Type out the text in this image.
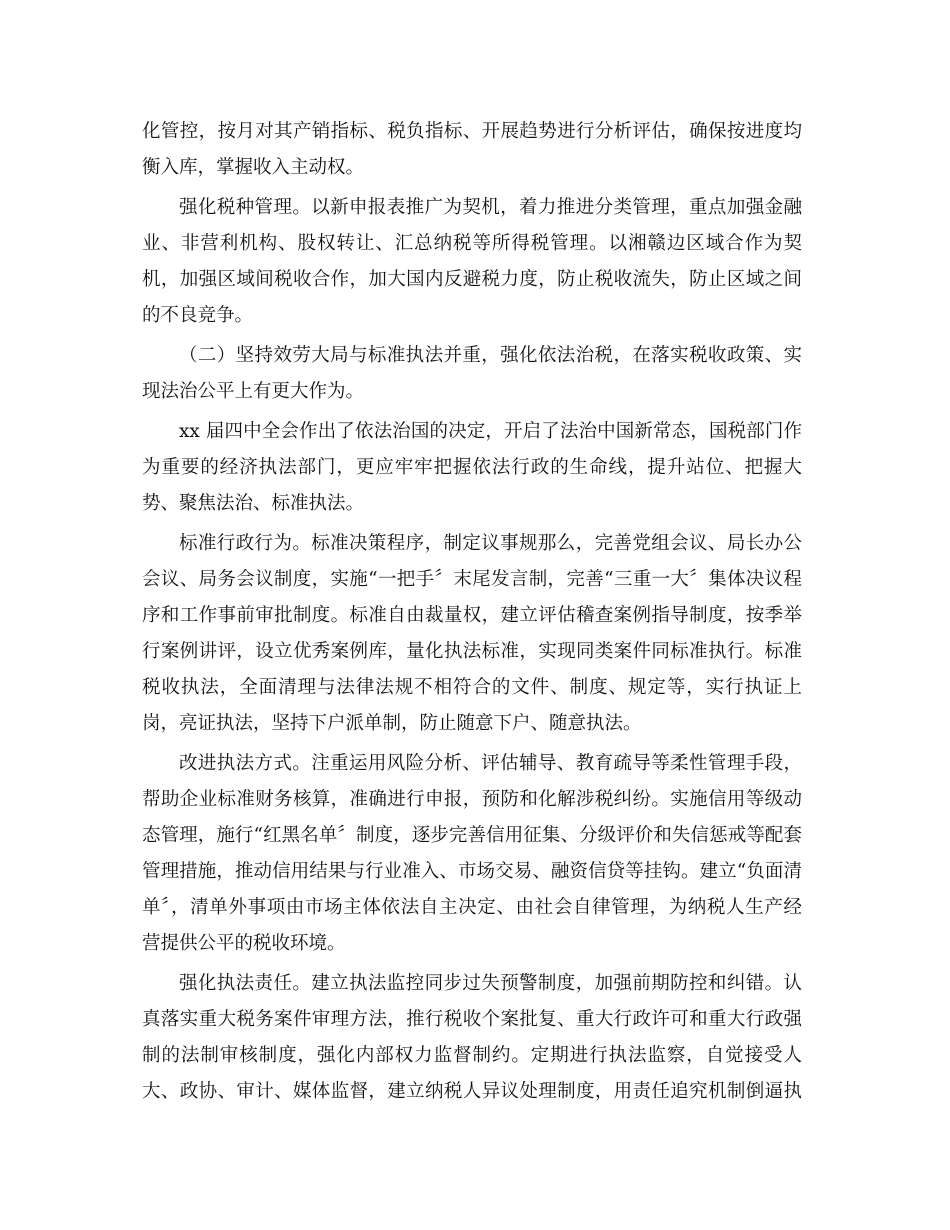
化管控，按月对其产销指标、税负指标、开展趋势进行分析评估，确保按进度均
衡入库，掌握收入主动权。
强化税种管理。以新申报表推广为契机，着力推进分类管理，重点加强金融
业、非营利机构、股权转让、汇总纳税等所得税管理。以湘赣边区域合作为契
机，加强区域间税收合作，加大国内反避税力度，防止税收流失，防止区域之间
的不良竞争。
（二）坚持效劳大局与标准执法并重，强化依法治税，在落实税收政策、实
现法治公平上有更大作为。
xx 届四中全会作出了依法治国的决定，开启了法治中国新常态，国税部门作
为重要的经济执法部门，更应牢牢把握依法行政的生命线，提升站位、把握大
势、聚焦法治、标准执法。
标准行政行为。标准决策程序，制定议事规那么，完善党组会议、局长办公
会议、局务会议制度，实施“一把手〞末尾发言制，完善“三重一大〞集体决议程
序和工作事前审批制度。标准自由裁量权，建立评估稽查案例指导制度，按季举
行案例讲评，设立优秀案例库，量化执法标准，实现同类案件同标准执行。标准
税收执法，全面清理与法律法规不相符合的文件、制度、规定等，实行执证上
岗，亮证执法，坚持下户派单制，防止随意下户、随意执法。
改进执法方式。注重运用风险分析、评估辅导、教育疏导等柔性管理手段，
帮助企业标准财务核算，准确进行申报，预防和化解涉税纠纷。实施信用等级动
态管理，施行“红黑名单〞制度，逐步完善信用征集、分级评价和失信惩戒等配套
管理措施，推动信用结果与行业准入、市场交易、融资信贷等挂钩。建立“负面清
单〞，清单外事项由市场主体依法自主决定、由社会自律管理，为纳税人生产经
营提供公平的税收环境。
强化执法责任。建立执法监控同步过失预警制度，加强前期防控和纠错。认
真落实重大税务案件审理方法，推行税收个案批复、重大行政许可和重大行政强
制的法制审核制度，强化内部权力监督制约。定期进行执法监察，自觉接受人
大、政协、审计、媒体监督，建立纳税人异议处理制度，用责任追究机制倒逼执
